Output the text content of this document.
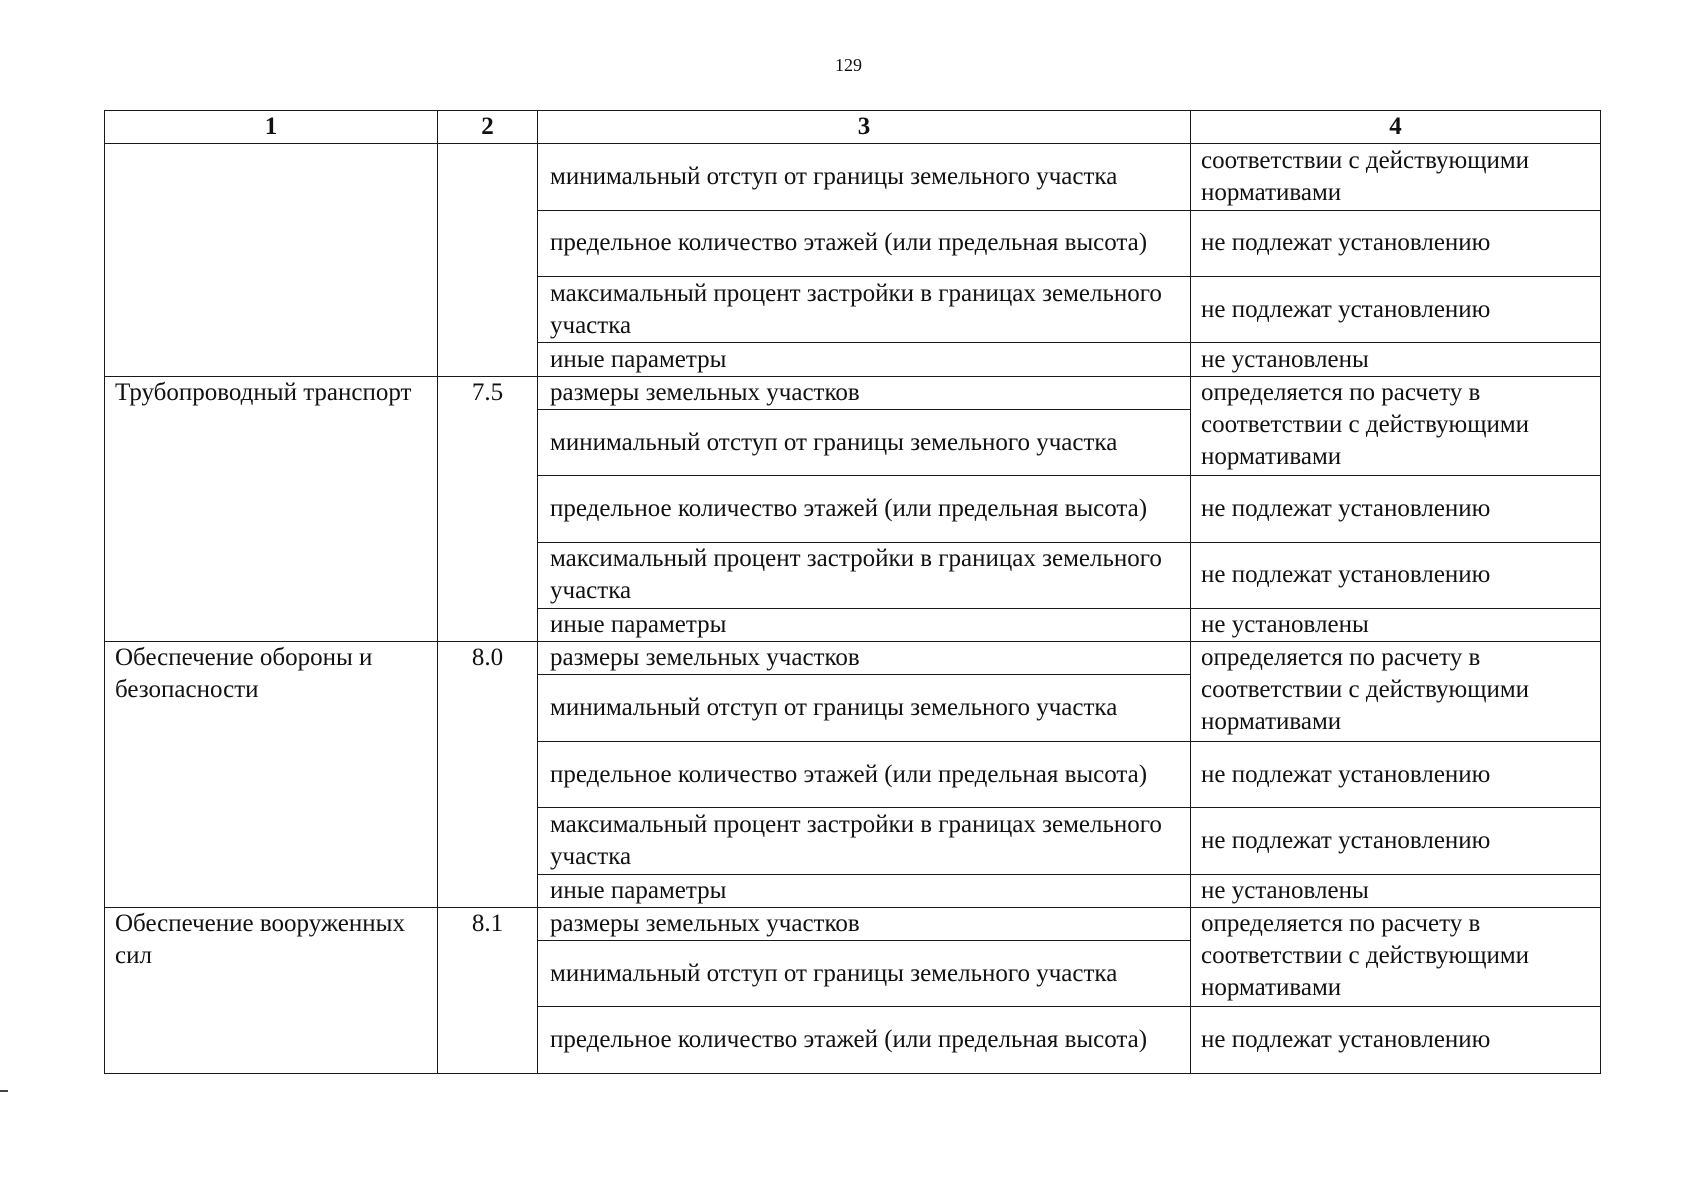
129
1	2	3	4
		минимальный отступ от границы земельного участка	соответствии с действующими нормативами
		предельное количество этажей (или предельная высота)	не подлежат установлению
		максимальный процент застройки в границах земельного участка	не подлежат установлению
		иные параметры	не установлены
Трубопроводный транспорт	7.5	размеры земельных участков	определяется по расчету в соответствии с действующими нормативами
		минимальный отступ от границы земельного участка	
		предельное количество этажей (или предельная высота)	не подлежат установлению
		максимальный процент застройки в границах земельного участка	не подлежат установлению
		иные параметры	не установлены
Обеспечение обороны и безопасности	8.0	размеры земельных участков	определяется по расчету в соответствии с действующими нормативами
		минимальный отступ от границы земельного участка	
		предельное количество этажей (или предельная высота)	не подлежат установлению
		максимальный процент застройки в границах земельного участка	не подлежат установлению
		иные параметры	не установлены
Обеспечение вооруженных сил	8.1	размеры земельных участков	определяется по расчету в соответствии с действующими нормативами
		минимальный отступ от границы земельного участка	
		предельное количество этажей (или предельная высота)	не подлежат установлению
